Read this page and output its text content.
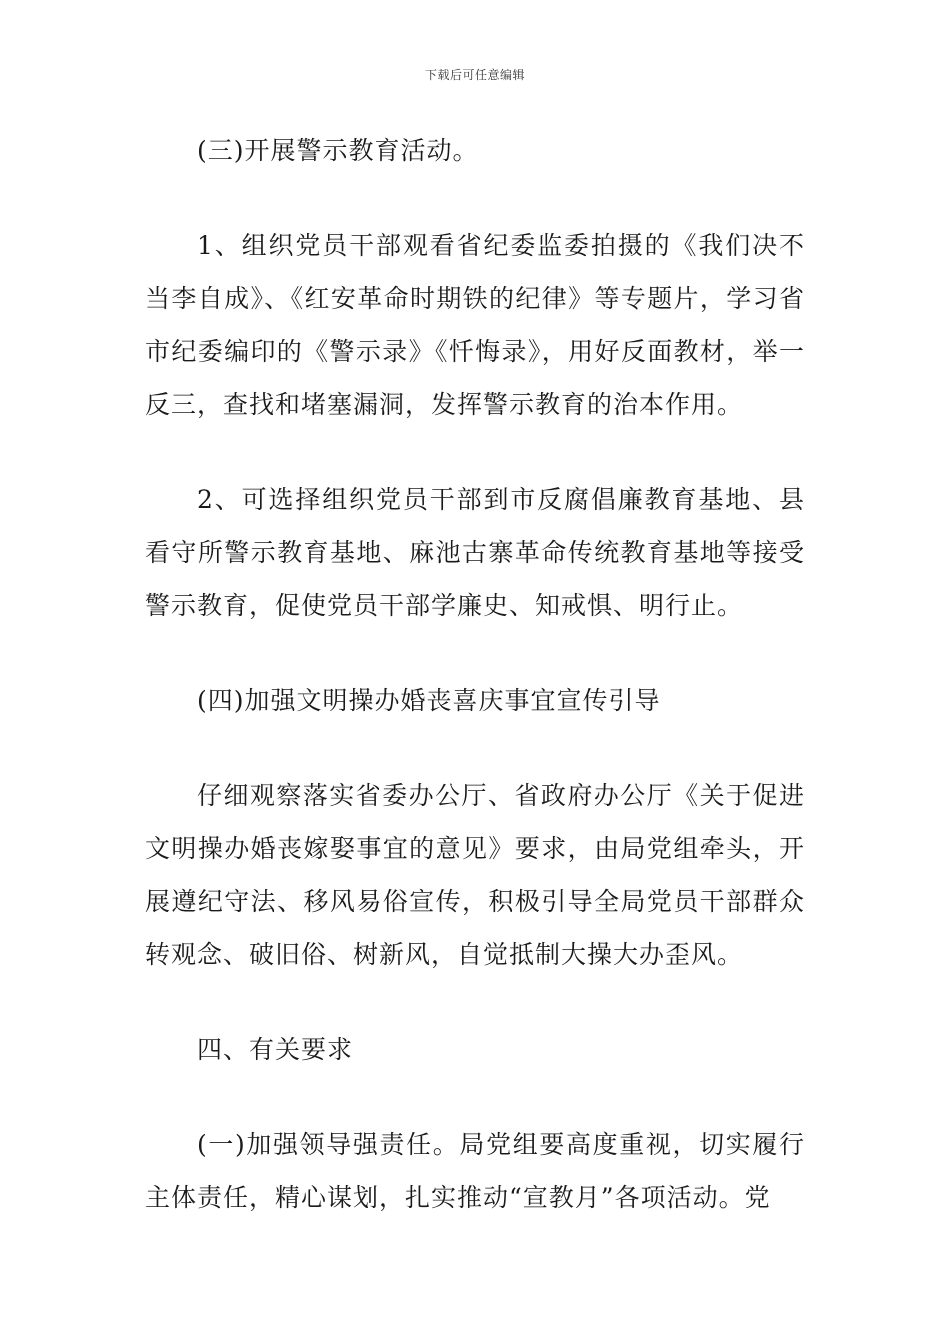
下载后可任意编辑

(三)开展警示教育活动。

1、组织党员干部观看省纪委监委拍摄的《我们决不当李自成》、《红安革命时期铁的纪律》等专题片，学习省市纪委编印的《警示录》《忏悔录》，用好反面教材，举一反三，查找和堵塞漏洞，发挥警示教育的治本作用。

2、可选择组织党员干部到市反腐倡廉教育基地、县看守所警示教育基地、麻池古寨革命传统教育基地等接受警示教育，促使党员干部学廉史、知戒惧、明行止。

(四)加强文明操办婚丧喜庆事宜宣传引导

仔细观察落实省委办公厅、省政府办公厅《关于促进文明操办婚丧嫁娶事宜的意见》要求，由局党组牵头，开展遵纪守法、移风易俗宣传，积极引导全局党员干部群众转观念、破旧俗、树新风，自觉抵制大操大办歪风。

四、有关要求

(一)加强领导强责任。局党组要高度重视，切实履行主体责任，精心谋划，扎实推动“宣教月”各项活动。党
